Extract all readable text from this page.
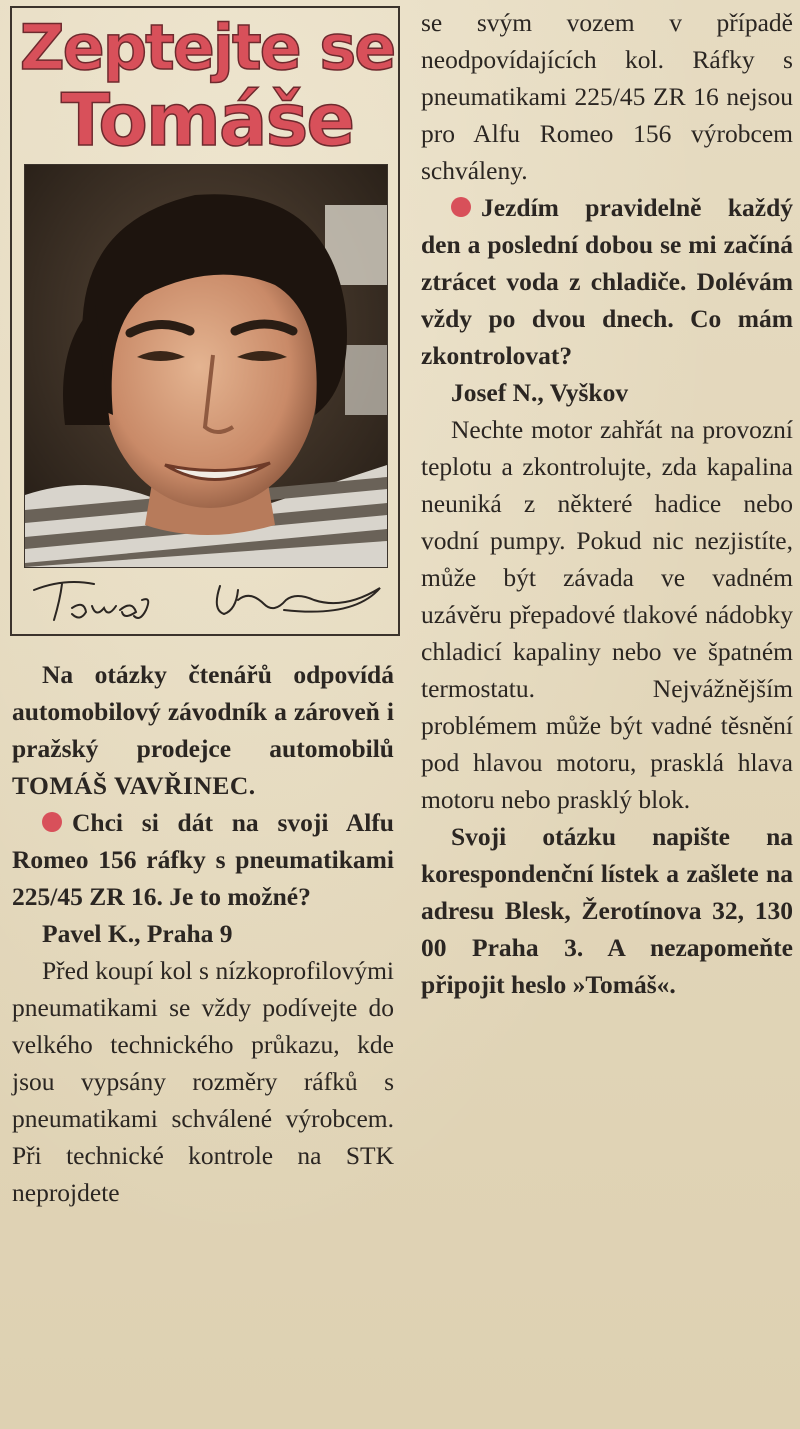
Zeptejte se
Tomáše

Na otázky čtenářů odpovídá automobilový závodník a zároveň i pražský prodejce automobilů TOMÁŠ VAVŘINEC.

Chci si dát na svoji Alfu Romeo 156 ráfky s pneumatikami 225/45 ZR 16. Je to možné?

Pavel K., Praha 9

Před koupí kol s nízkoprofilovými pneumatikami se vždy podívejte do velkého technického průkazu, kde jsou vypsány rozměry ráfků s pneumatikami schválené výrobcem. Při technické kontrole na STK neprojdete

se svým vozem v případě neodpovídajících kol. Ráfky s pneumatikami 225/45 ZR 16 nejsou pro Alfu Romeo 156 výrobcem schváleny.

Jezdím pravidelně každý den a poslední dobou se mi začíná ztrácet voda z chladiče. Dolévám vždy po dvou dnech. Co mám zkontrolovat?

Josef N., Vyškov

Nechte motor zahřát na provozní teplotu a zkontrolujte, zda kapalina neuniká z některé hadice nebo vodní pumpy. Pokud nic nezjistíte, může být závada ve vadném uzávěru přepadové tlakové nádobky chladicí kapaliny nebo ve špatném termostatu. Nejvážnějším problémem může být vadné těsnění pod hlavou motoru, prasklá hlava motoru nebo prasklý blok.

Svoji otázku napište na korespondenční lístek a zašlete na adresu Blesk, Žerotínova 32, 130 00 Praha 3. A nezapomeňte připojit heslo »Tomáš«.
